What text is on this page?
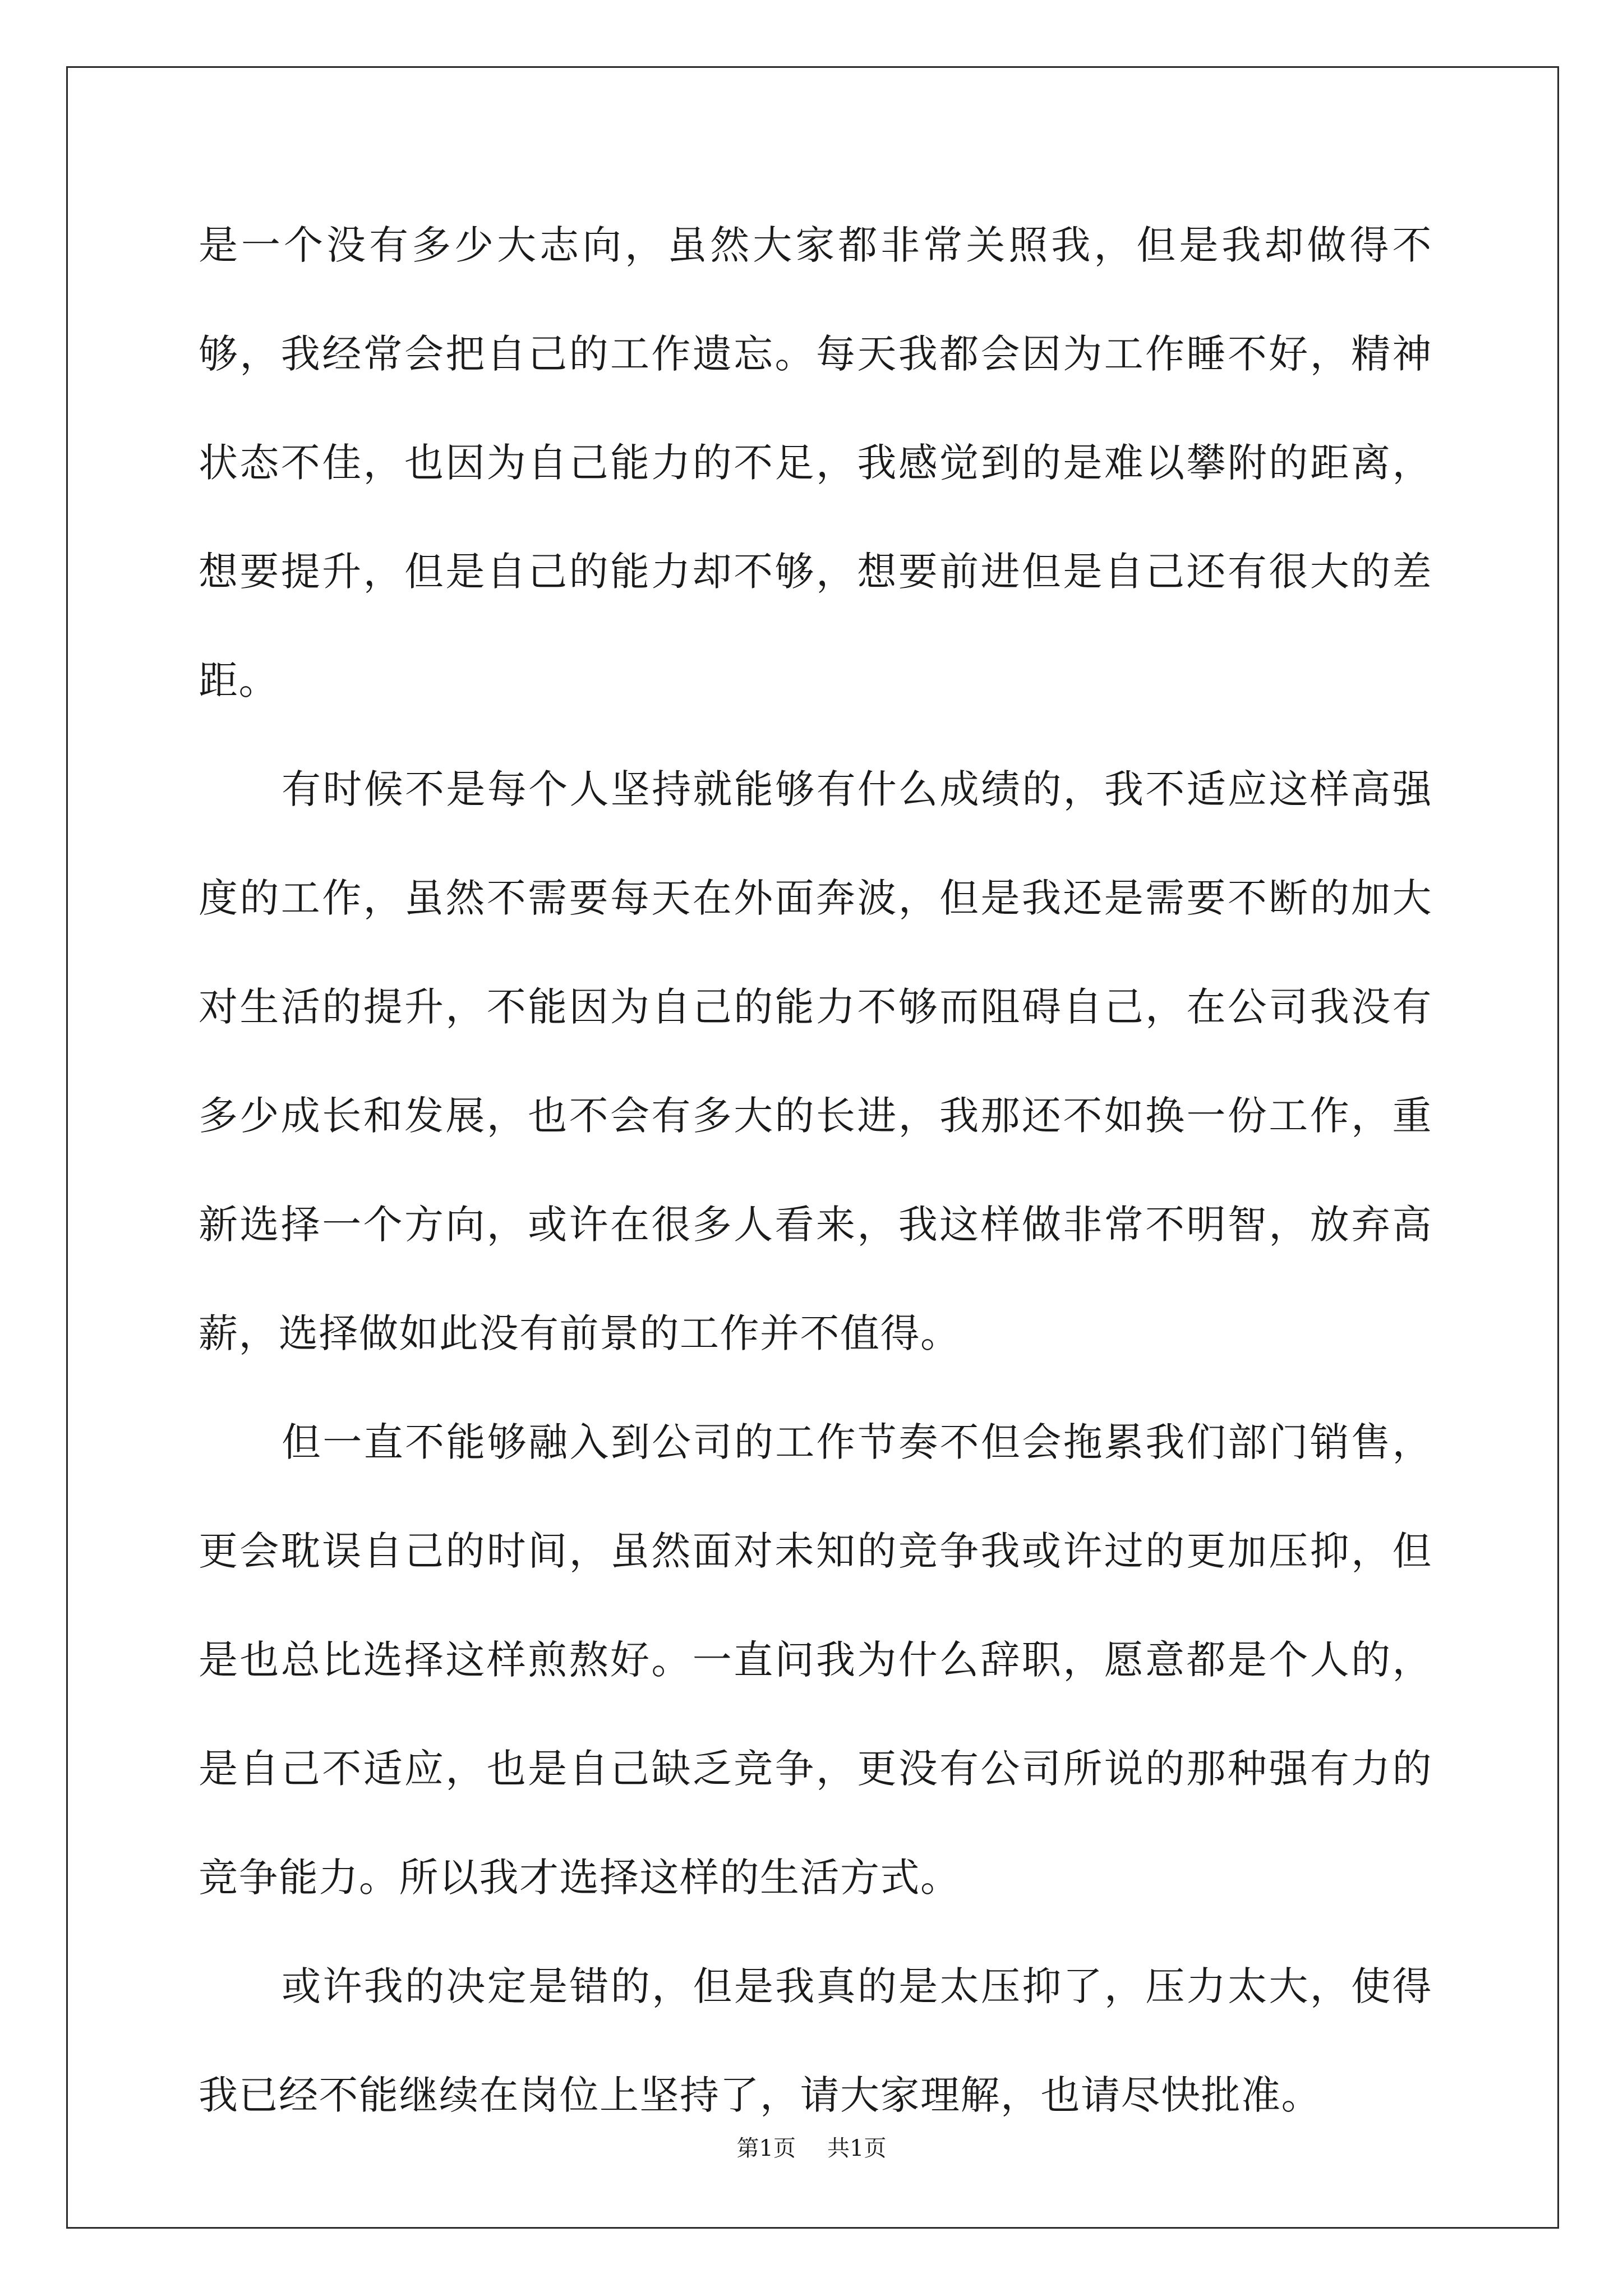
是一个没有多少大志向，虽然大家都非常关照我，但是我却做得不够，我经常会把自己的工作遗忘。每天我都会因为工作睡不好，精神状态不佳，也因为自己能力的不足，我感觉到的是难以攀附的距离，想要提升，但是自己的能力却不够，想要前进但是自己还有很大的差距。

有时候不是每个人坚持就能够有什么成绩的，我不适应这样高强度的工作，虽然不需要每天在外面奔波，但是我还是需要不断的加大对生活的提升，不能因为自己的能力不够而阻碍自己，在公司我没有多少成长和发展，也不会有多大的长进，我那还不如换一份工作，重新选择一个方向，或许在很多人看来，我这样做非常不明智，放弃高薪，选择做如此没有前景的工作并不值得。

但一直不能够融入到公司的工作节奏不但会拖累我们部门销售，更会耽误自己的时间，虽然面对未知的竞争我或许过的更加压抑，但是也总比选择这样煎熬好。一直问我为什么辞职，愿意都是个人的，是自己不适应，也是自己缺乏竞争，更没有公司所说的那种强有力的竞争能力。所以我才选择这样的生活方式。

或许我的决定是错的，但是我真的是太压抑了，压力太大，使得我已经不能继续在岗位上坚持了，请大家理解，也请尽快批准。

第1页 共1页
